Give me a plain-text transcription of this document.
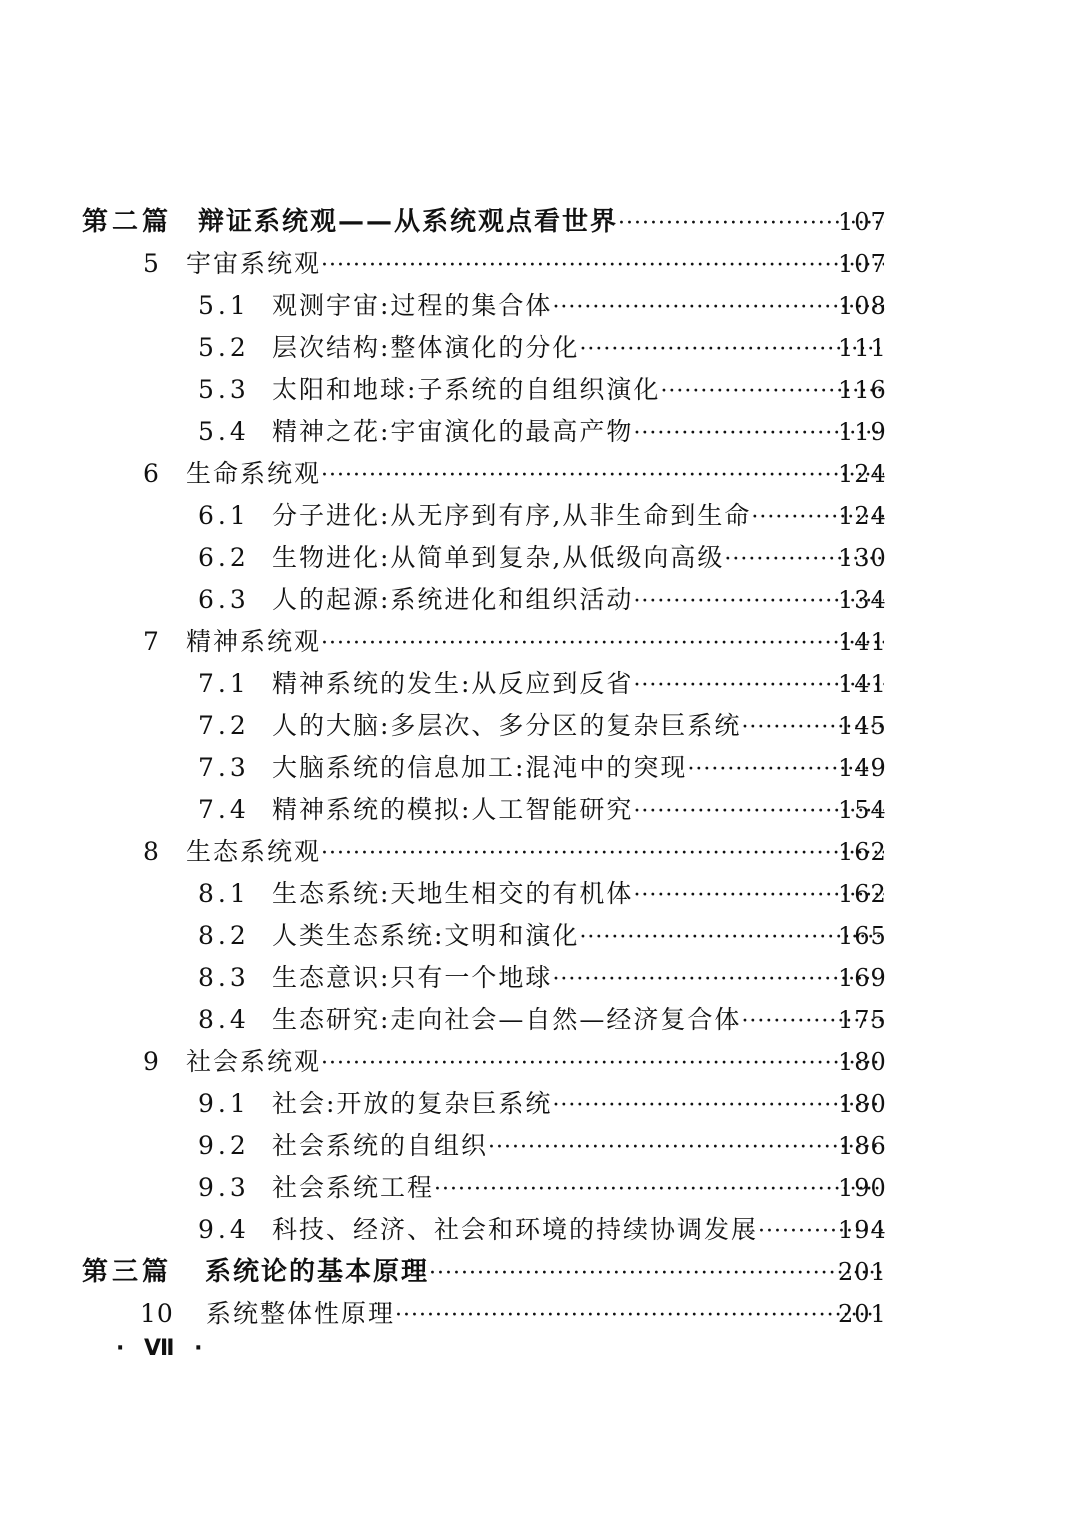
第二篇 辩证系统观——从系统观点看世界 ·····	107
5 宇宙系统观 ·····	107
5.1 观测宇宙:过程的集合体 ·····	108
5.2 层次结构:整体演化的分化 ·····	111
5.3 太阳和地球:子系统的自组织演化 ·····	116
5.4 精神之花:宇宙演化的最高产物 ·····	119
6 生命系统观 ·····	124
6.1 分子进化:从无序到有序,从非生命到生命 ·····	124
6.2 生物进化:从简单到复杂,从低级向高级 ·····	130
6.3 人的起源:系统进化和组织活动 ·····	134
7 精神系统观 ·····	141
7.1 精神系统的发生:从反应到反省 ·····	141
7.2 人的大脑:多层次、多分区的复杂巨系统 ·····	145
7.3 大脑系统的信息加工:混沌中的突现 ·····	149
7.4 精神系统的模拟:人工智能研究 ·····	154
8 生态系统观 ·····	162
8.1 生态系统:天地生相交的有机体 ·····	162
8.2 人类生态系统:文明和演化 ·····	165
8.3 生态意识:只有一个地球 ·····	169
8.4 生态研究:走向社会—自然—经济复合体 ·····	175
9 社会系统观 ·····	180
9.1 社会:开放的复杂巨系统 ·····	180
9.2 社会系统的自组织 ·····	186
9.3 社会系统工程 ·····	190
9.4 科技、经济、社会和环境的持续协调发展 ·····	194
第三篇 系统论的基本原理 ·····	201
10 系统整体性原理 ·····	201
· Ⅶ ·
